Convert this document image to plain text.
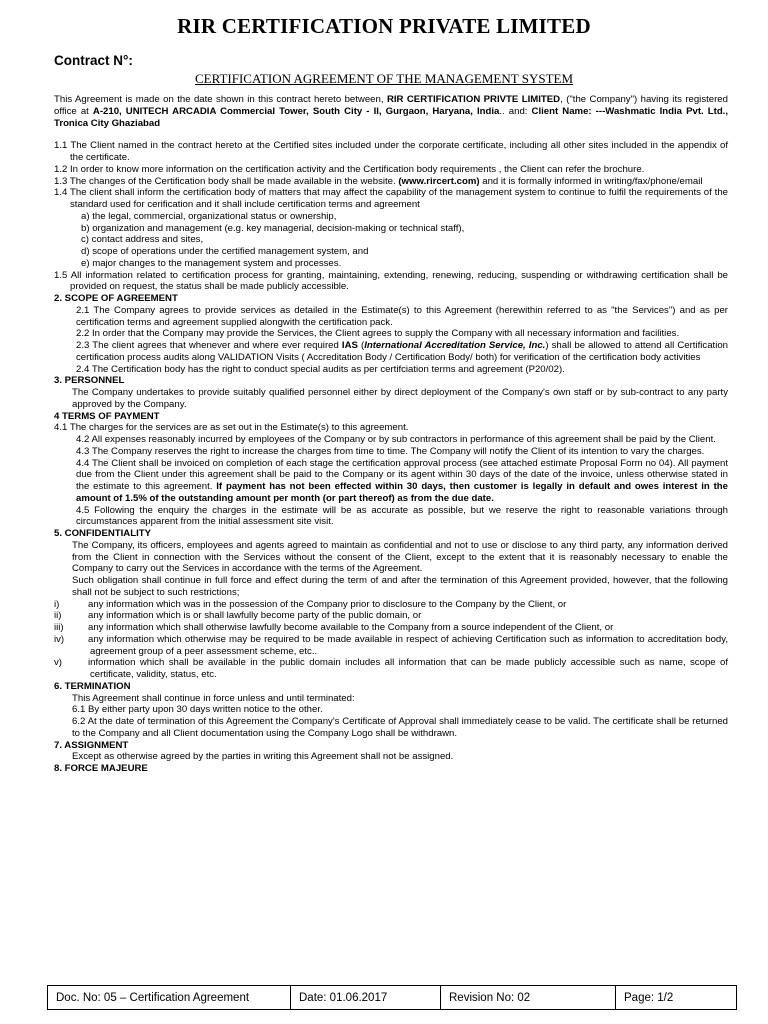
RIR CERTIFICATION PRIVATE LIMITED
Contract N°:
CERTIFICATION AGREEMENT OF THE MANAGEMENT SYSTEM

This Agreement is made on the date shown in this contract hereto between, RIR CERTIFICATION PRIVTE LIMITED, ("the Company") having its registered office at A-210, UNITECH ARCADIA Commercial Tower, South City - II, Gurgaon, Haryana, India.. and: Client Name: ---Washmatic India Pvt. Ltd., Tronica City Ghaziabad

1.1 The Client named in the contract hereto at the Certified sites included under the corporate certificate, including all other sites included in the appendix of the certificate.

1.2 In order to know more information on the certification activity and the Certification body requirements , the Client can refer the brochure.

1.3 The changes of the Certification body shall be made available in the website. (www.rircert.com) and it is formally informed in writing/fax/phone/email

1.4 The client shall inform the certification body of matters that may affect the capability of the management system to continue to fulfil the requirements of the standard used for cerification and it shall include certification terms and agreement

a) the legal, commercial, organizational status or ownership,

b) organization and management (e.g. key managerial, decision-making or technical staff),

c) contact address and sites,

d) scope of operations under the certified management system, and

e) major changes to the management system and processes.

1.5 All information related to certification process for granting, maintaining, extending, renewing, reducing, suspending or withdrawing certification shall be provided on request, the status shall be made publicly accessible.

2. SCOPE OF AGREEMENT

2.1 The Company agrees to provide services as detailed in the Estimate(s) to this Agreement (herewithin referred to as "the Services") and as per certification terms and agreement supplied alongwith the certification pack.

2.2 In order that the Company may provide the Services, the Client agrees to supply the Company with all necessary information and facilities.

2.3 The client agrees that whenever and where ever required IAS (International Accreditation Service, Inc.) shall be allowed to attend all Certification certification process audits along VALIDATION Visits ( Accreditation Body / Certification Body/ both) for verification of the certification body activities

2.4 The Certification body has the right to conduct special audits as per certifciation terms and agreement (P20/02).

3. PERSONNEL

The Company undertakes to provide suitably qualified personnel either by direct deployment of the Company's own staff or by sub-contract to any party approved by the Company.

4 TERMS OF PAYMENT

4.1 The charges for the services are as set out in the Estimate(s) to this agreement.

4.2 All expenses reasonably incurred by employees of the Company or by sub contractors in performance of this agreement shall be paid by the Client.

4.3 The Company reserves the right to increase the charges from time to time. The Company will notify the Client of its intention to vary the charges.

4.4 The Client shall be invoiced on completion of each stage the certification approval process (see attached estimate Proposal Form no 04). All payment due from the Client under this agreement shall be paid to the Company or its agent within 30 days of the date of the invoice, unless otherwise stated in the estimate to this agreement. If payment has not been effected within 30 days, then customer is legally in default and owes interest in the amount of 1.5% of the outstanding amount per month (or part thereof) as from the due date.

4.5 Following the enquiry the charges in the estimate will be as accurate as possible, but we reserve the right to reasonable variations through circumstances apparent from the initial assessment site visit.

5. CONFIDENTIALITY

The Company, its officers, employees and agents agreed to maintain as confidential and not to use or disclose to any third party, any information derived from the Client in connection with the Services without the consent of the Client, except to the extent that it is reasonably necessary to enable the Company to carry out the Services in accordance with the terms of the Agreement.

Such obligation shall continue in full force and effect during the term of and after the termination of this Agreement provided, however, that the following shall not be subject to such restrictions;

i)	any information which was in the possession of the Company prior to disclosure to the Company by the Client, or

ii)	any information which is or shall lawfully become party of the public domain, or

iii)	any information which shall otherwise lawfully become available to the Company from a source independent of the Client, or

iv) any information which otherwise may be required to be made available in respect of achieving Certification such as information to accreditation body, agreement group of a peer assessment scheme, etc..

v)	information which shall be available in the public domain includes all information that can be made publicly accessible such as name, scope of certificate, validity, status, etc.

6. TERMINATION

This Agreement shall continue in force unless and until terminated:

6.1 By either party upon 30 days written notice to the other.

6.2 At the date of termination of this Agreement the Company's Certificate of Approval shall immediately cease to be valid. The certificate shall be returned to the Company and all Client documentation using the Company Logo shall be withdrawn.

7. ASSIGNMENT

Except as otherwise agreed by the parties in writing this Agreement shall not be assigned.

8. FORCE MAJEURE

Doc. No: 05 – Certification Agreement	Date: 01.06.2017	Revision No: 02	Page: 1/2
